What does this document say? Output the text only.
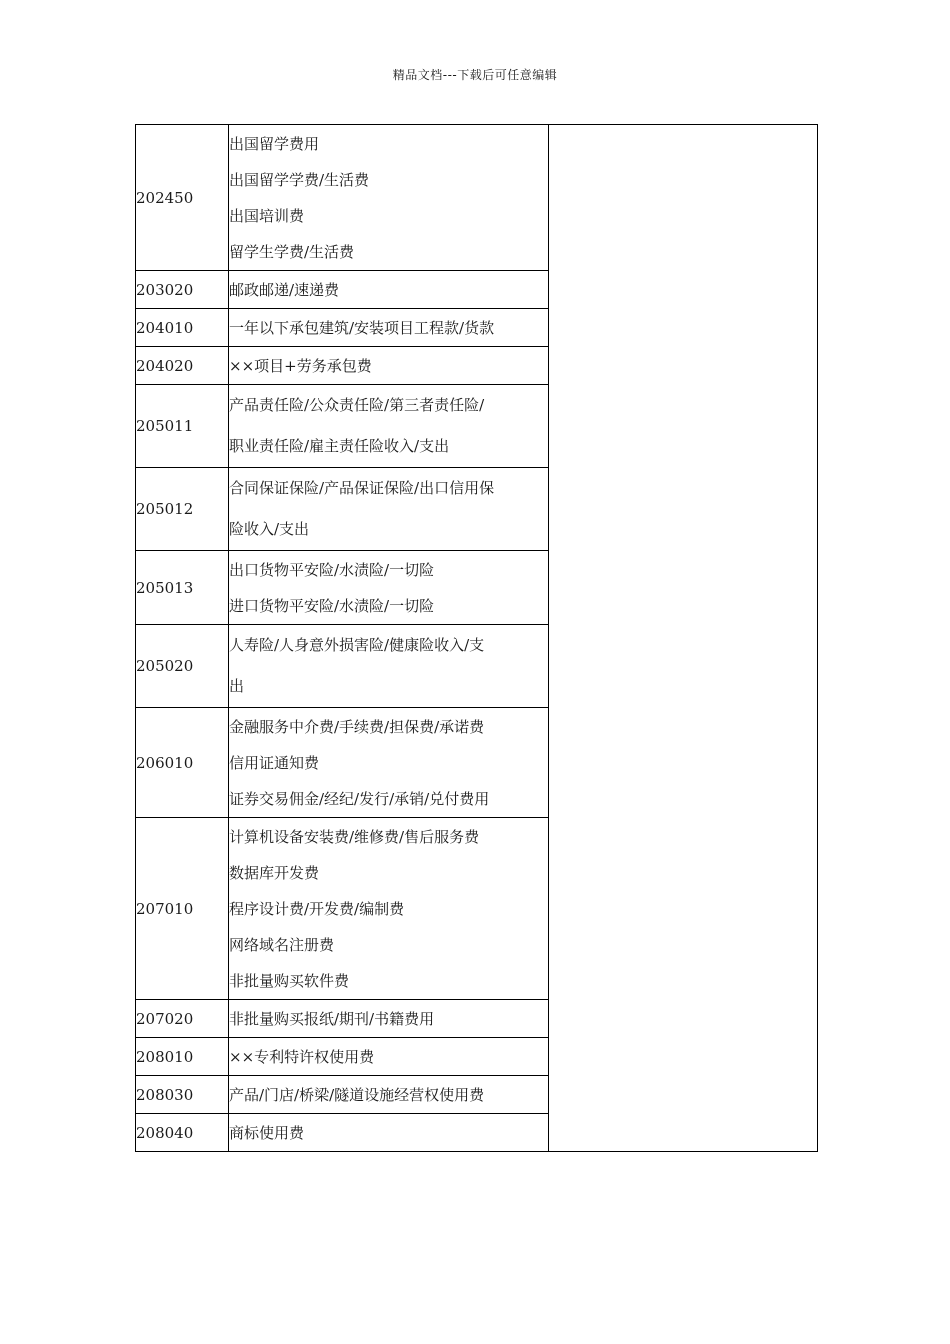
精品文档---下载后可任意编辑
202450	出国留学费用
出国留学学费/生活费
出国培训费
留学生学费/生活费	

203020	邮政邮递/速递费	

204010	一年以下承包建筑/安装项目工程款/货款	

204020	××项目+劳务承包费	

205011	产品责任险/公众责任险/第三者责任险/
职业责任险/雇主责任险收入/支出	

205012	合同保证保险/产品保证保险/出口信用保
险收入/支出	

205013	出口货物平安险/水渍险/一切险
进口货物平安险/水渍险/一切险	

205020	人寿险/人身意外损害险/健康险收入/支
出	

206010	金融服务中介费/手续费/担保费/承诺费
信用证通知费
证券交易佣金/经纪/发行/承销/兑付费用	

207010	计算机设备安装费/维修费/售后服务费
数据库开发费
程序设计费/开发费/编制费
网络域名注册费
非批量购买软件费	

207020	非批量购买报纸/期刊/书籍费用	

208010	××专利特许权使用费	

208030	产品/门店/桥梁/隧道设施经营权使用费	

208040	商标使用费	
